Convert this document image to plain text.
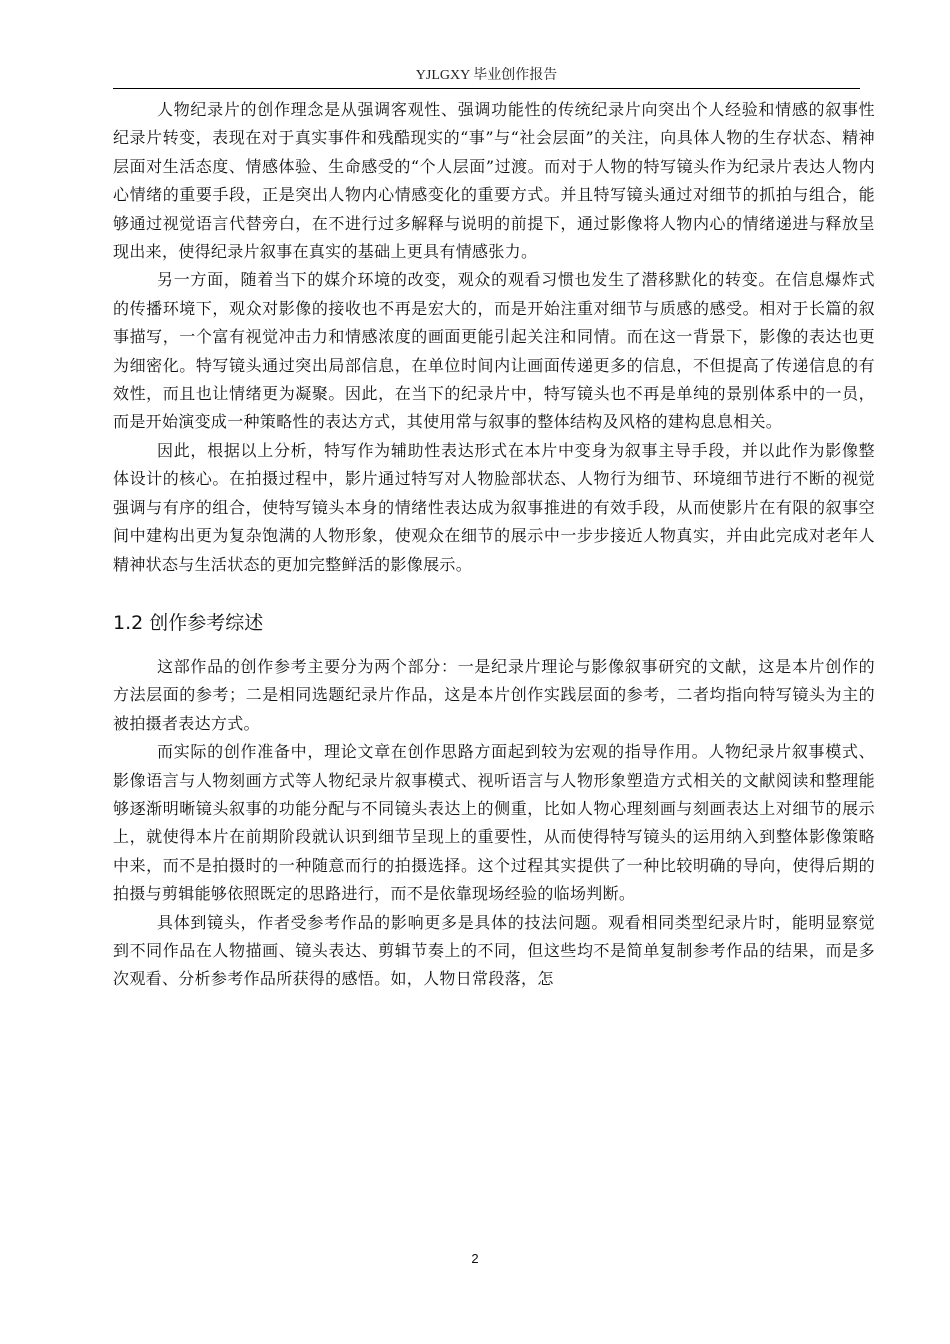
YJLGXY 毕业创作报告

人物纪录片的创作理念是从强调客观性、强调功能性的传统纪录片向突出个人经验和情感的叙事性纪录片转变，表现在对于真实事件和残酷现实的“事”与“社会层面”的关注，向具体人物的生存状态、精神层面对生活态度、情感体验、生命感受的“个人层面”过渡。而对于人物的特写镜头作为纪录片表达人物内心情绪的重要手段，正是突出人物内心情感变化的重要方式。并且特写镜头通过对细节的抓拍与组合，能够通过视觉语言代替旁白，在不进行过多解释与说明的前提下，通过影像将人物内心的情绪递进与释放呈现出来，使得纪录片叙事在真实的基础上更具有情感张力。

另一方面，随着当下的媒介环境的改变，观众的观看习惯也发生了潜移默化的转变。在信息爆炸式的传播环境下，观众对影像的接收也不再是宏大的，而是开始注重对细节与质感的感受。相对于长篇的叙事描写，一个富有视觉冲击力和情感浓度的画面更能引起关注和同情。而在这一背景下，影像的表达也更为细密化。特写镜头通过突出局部信息，在单位时间内让画面传递更多的信息，不但提高了传递信息的有效性，而且也让情绪更为凝聚。因此，在当下的纪录片中，特写镜头也不再是单纯的景别体系中的一员，而是开始演变成一种策略性的表达方式，其使用常与叙事的整体结构及风格的建构息息相关。

因此，根据以上分析，特写作为辅助性表达形式在本片中变身为叙事主导手段，并以此作为影像整体设计的核心。在拍摄过程中，影片通过特写对人物脸部状态、人物行为细节、环境细节进行不断的视觉强调与有序的组合，使特写镜头本身的情绪性表达成为叙事推进的有效手段，从而使影片在有限的叙事空间中建构出更为复杂饱满的人物形象，使观众在细节的展示中一步步接近人物真实，并由此完成对老年人精神状态与生活状态的更加完整鲜活的影像展示。

1.2 创作参考综述

这部作品的创作参考主要分为两个部分：一是纪录片理论与影像叙事研究的文献，这是本片创作的方法层面的参考；二是相同选题纪录片作品，这是本片创作实践层面的参考，二者均指向特写镜头为主的被拍摄者表达方式。

而实际的创作准备中，理论文章在创作思路方面起到较为宏观的指导作用。人物纪录片叙事模式、影像语言与人物刻画方式等人物纪录片叙事模式、视听语言与人物形象塑造方式相关的文献阅读和整理能够逐渐明晰镜头叙事的功能分配与不同镜头表达上的侧重，比如人物心理刻画与刻画表达上对细节的展示上，就使得本片在前期阶段就认识到细节呈现上的重要性，从而使得特写镜头的运用纳入到整体影像策略中来，而不是拍摄时的一种随意而行的拍摄选择。这个过程其实提供了一种比较明确的导向，使得后期的拍摄与剪辑能够依照既定的思路进行，而不是依靠现场经验的临场判断。

具体到镜头，作者受参考作品的影响更多是具体的技法问题。观看相同类型纪录片时，能明显察觉到不同作品在人物描画、镜头表达、剪辑节奏上的不同，但这些均不是简单复制参考作品的结果，而是多次观看、分析参考作品所获得的感悟。如，人物日常段落，怎

2
